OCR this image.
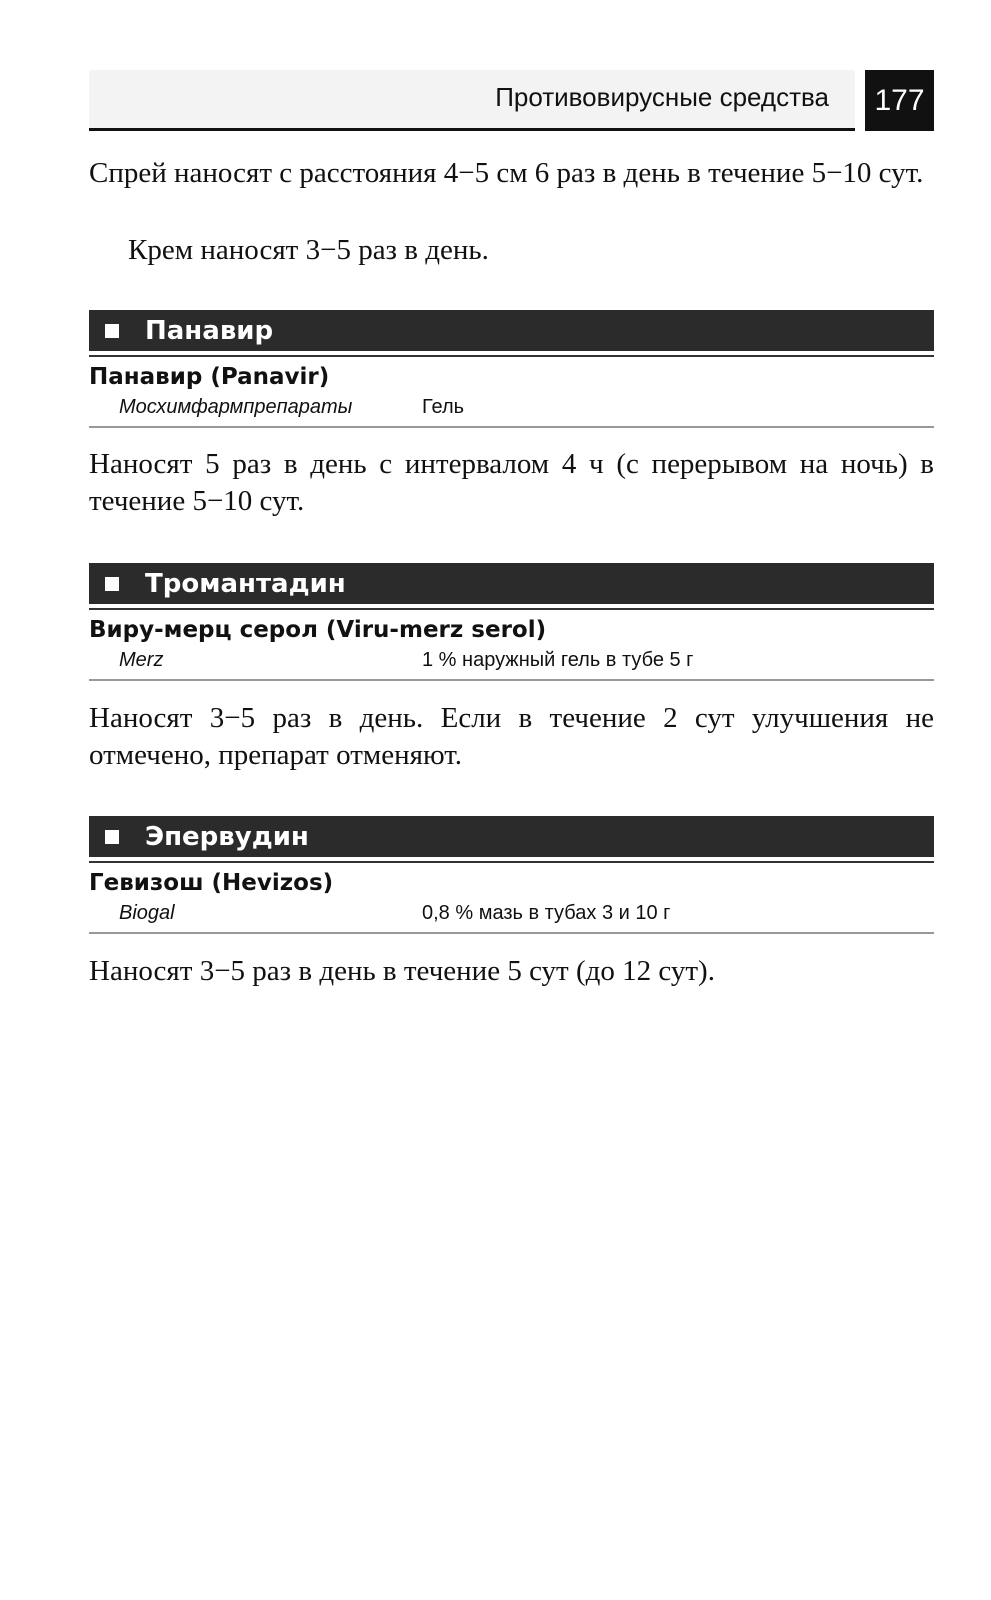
Противовирусные средства	177
Спрей наносят с расстояния 4−5 см 6 раз в день в течение 5−10 сут.
Крем наносят 3−5 раз в день.
Панавир
Панавир (Panavir)
Мосхимфармпрепараты	Гель
Наносят 5 раз в день с интервалом 4 ч (с перерывом на ночь) в течение 5−10 сут.
Тромантадин
Виру-мерц серол (Viru-merz serol)
Merz	1 % наружный гель в тубе 5 г
Наносят 3−5 раз в день. Если в течение 2 сут улучшения не отмечено, препарат отменяют.
Эпервудин
Гевизош (Hevizos)
Biogal	0,8 % мазь в тубах 3 и 10 г
Наносят 3−5 раз в день в течение 5 сут (до 12 сут).
